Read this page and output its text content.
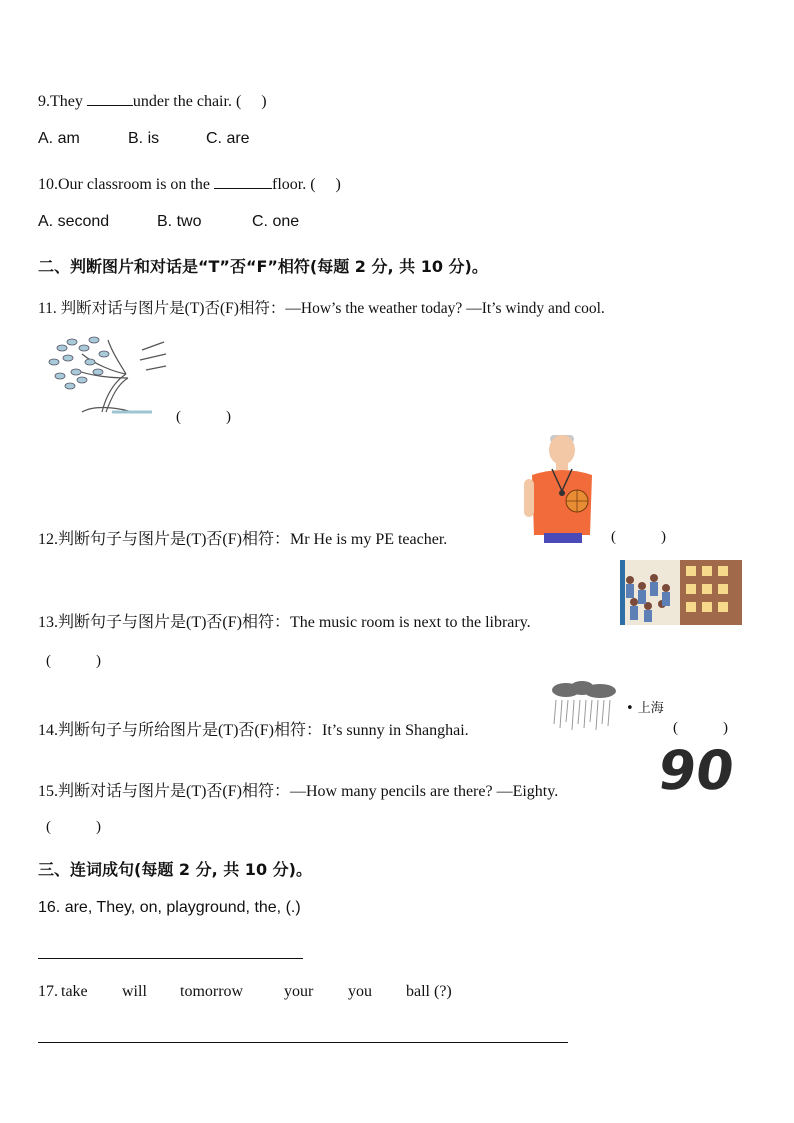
9.They	under the chair. (　 )
A. am	B. is	C. are
10.Our classroom is on the	floor. (　 )
A. second	B. two	C. one
二、判断图片和对话是“T”否“F”相符(每题 2 分, 共 10 分)。
11. 判断对话与图片是(T)否(F)相符：—How’s the weather today? —It’s windy and cool.
(　　　)
12.判断句子与图片是(T)否(F)相符：Mr He is my PE teacher.	(　　　)
13.判断句子与图片是(T)否(F)相符：The music room is next to the library.
(　　　)
• 上海
14.判断句子与所给图片是(T)否(F)相符：It’s sunny in Shanghai.	(　　　)
90
15.判断对话与图片是(T)否(F)相符：—How many pencils are there? —Eighty.
(　　　)
三、连词成句(每题 2 分, 共 10 分)。
16. are, They, on, playground, the, (.)
17. take will tomorrow	your you ball (?)
